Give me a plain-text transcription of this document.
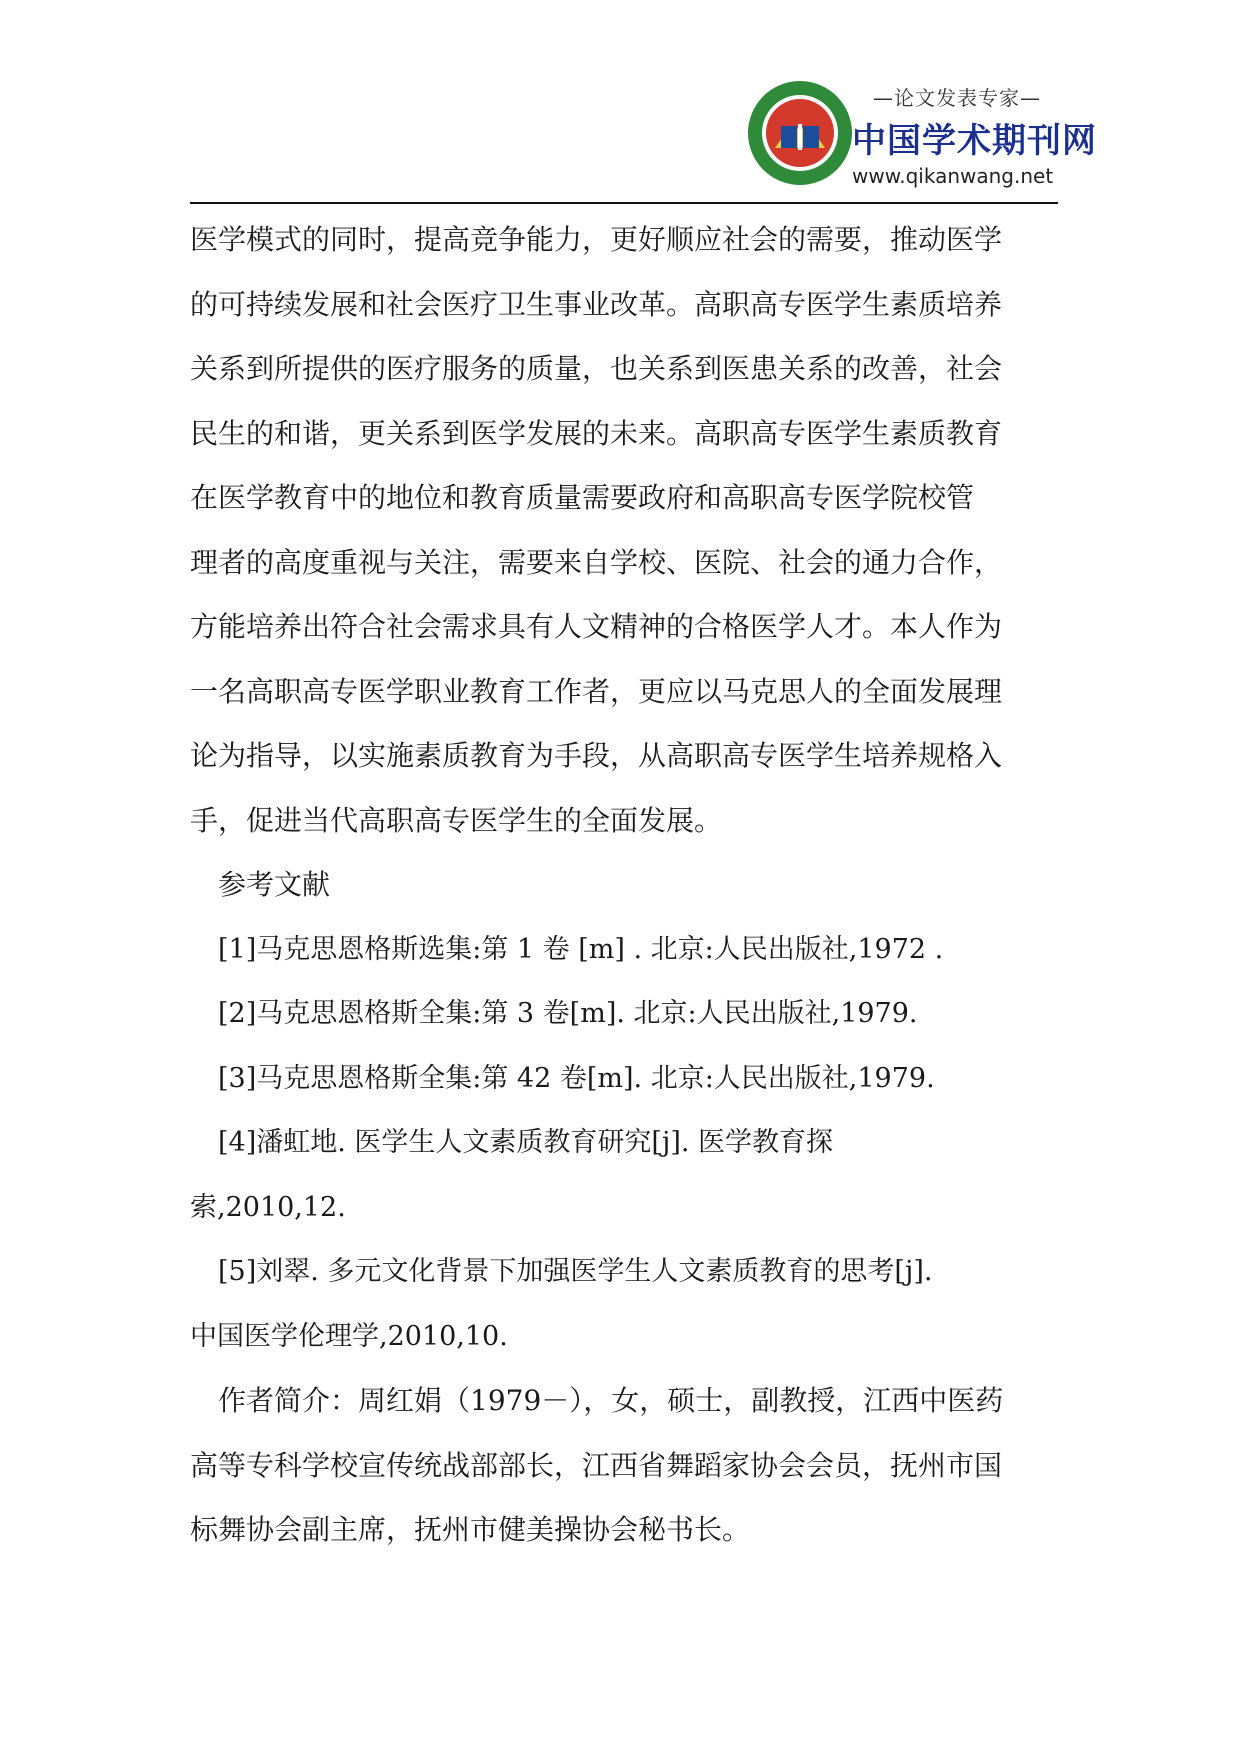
—论文发表专家—
中国学术期刊网
www.qikanwang.net
医学模式的同时，提高竞争能力，更好顺应社会的需要，推动医学
的可持续发展和社会医疗卫生事业改革。高职高专医学生素质培养
关系到所提供的医疗服务的质量，也关系到医患关系的改善，社会
民生的和谐，更关系到医学发展的未来。高职高专医学生素质教育
在医学教育中的地位和教育质量需要政府和高职高专医学院校管
理者的高度重视与关注，需要来自学校、医院、社会的通力合作，
方能培养出符合社会需求具有人文精神的合格医学人才。本人作为
一名高职高专医学职业教育工作者，更应以马克思人的全面发展理
论为指导，以实施素质教育为手段，从高职高专医学生培养规格入
手，促进当代高职高专医学生的全面发展。
参考文献
[1]马克思恩格斯选集:第 1 卷 [m] . 北京:人民出版社,1972 .
[2]马克思恩格斯全集:第 3 卷[m]. 北京:人民出版社,1979.
[3]马克思恩格斯全集:第 42 卷[m]. 北京:人民出版社,1979.
[4]潘虹地. 医学生人文素质教育研究[j]. 医学教育探
索,2010,12.
[5]刘翠. 多元文化背景下加强医学生人文素质教育的思考[j].
中国医学伦理学,2010,10.
作者简介：周红娟（1979－），女，硕士，副教授，江西中医药
高等专科学校宣传统战部部长，江西省舞蹈家协会会员，抚州市国
标舞协会副主席，抚州市健美操协会秘书长。
